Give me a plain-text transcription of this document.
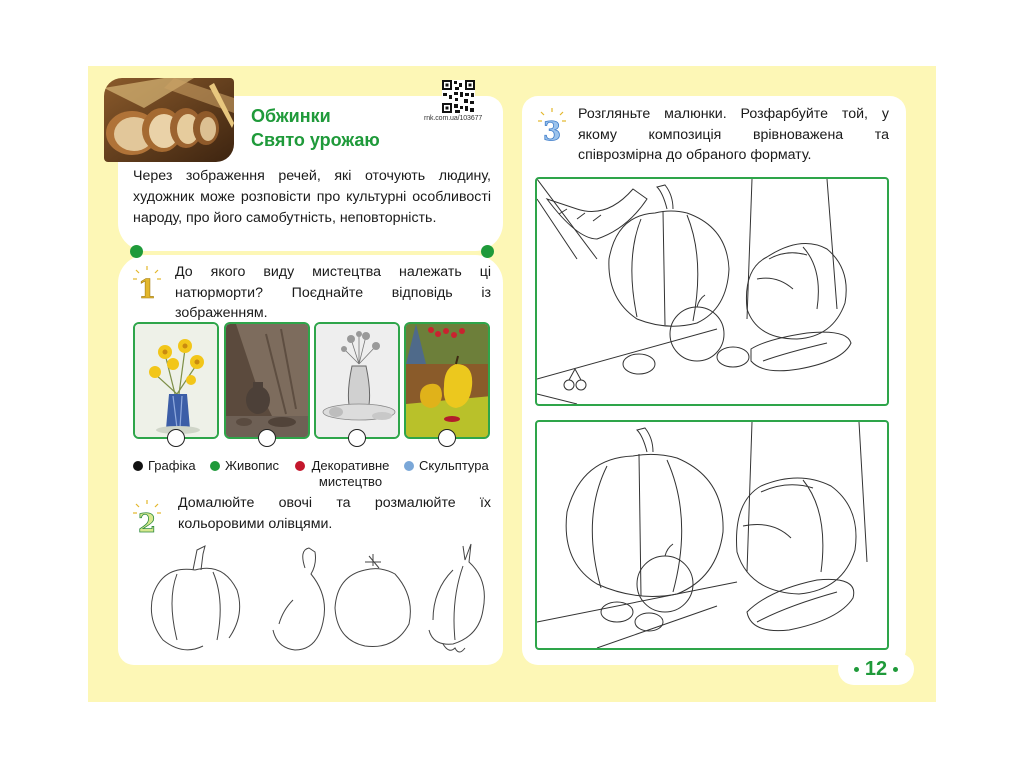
Обжинки
Свято урожаю
rnk.com.ua/103677
Через зображення речей, які оточують людину, художник може розповісти про культурні особливості народу, про його самобутність, неповторність.
1
До якого виду мистецтва належать ці натюрморти? Поєднайте відповідь із зображенням.
Графіка Живопис	Декоративне мистецтво
Скульптура
2
Домалюйте овочі та розмалюйте їх кольоровими олівцями.
3
Розгляньте малюнки. Розфарбуйте той, у якому композиція врівноважена та співрозмірна до обраного формату.
12
